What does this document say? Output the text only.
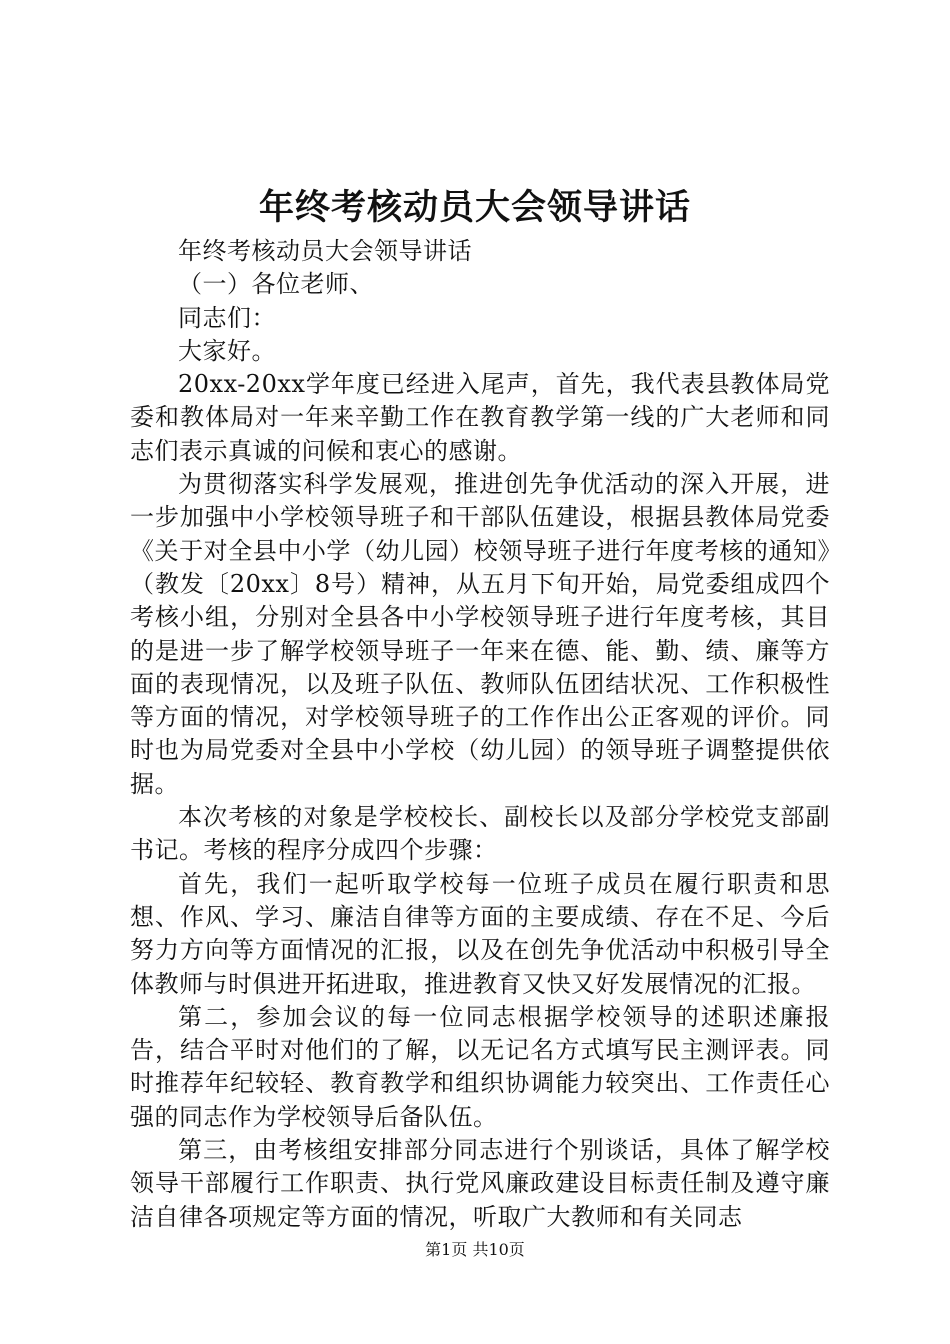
年终考核动员大会领导讲话

年终考核动员大会领导讲话

（一）各位老师、

同志们：

大家好。

20xx-20xx学年度已经进入尾声，首先，我代表县教体局党委和教体局对一年来辛勤工作在教育教学第一线的广大老师和同志们表示真诚的问候和衷心的感谢。

为贯彻落实科学发展观，推进创先争优活动的深入开展，进一步加强中小学校领导班子和干部队伍建设，根据县教体局党委《关于对全县中小学（幼儿园）校领导班子进行年度考核的通知》（教发〔20xx〕8号）精神，从五月下旬开始，局党委组成四个考核小组，分别对全县各中小学校领导班子进行年度考核，其目的是进一步了解学校领导班子一年来在德、能、勤、绩、廉等方面的表现情况，以及班子队伍、教师队伍团结状况、工作积极性等方面的情况，对学校领导班子的工作作出公正客观的评价。同时也为局党委对全县中小学校（幼儿园）的领导班子调整提供依据。

本次考核的对象是学校校长、副校长以及部分学校党支部副书记。考核的程序分成四个步骤：

首先，我们一起听取学校每一位班子成员在履行职责和思想、作风、学习、廉洁自律等方面的主要成绩、存在不足、今后努力方向等方面情况的汇报，以及在创先争优活动中积极引导全体教师与时俱进开拓进取，推进教育又快又好发展情况的汇报。

第二，参加会议的每一位同志根据学校领导的述职述廉报告，结合平时对他们的了解，以无记名方式填写民主测评表。同时推荐年纪较轻、教育教学和组织协调能力较突出、工作责任心强的同志作为学校领导后备队伍。

第三，由考核组安排部分同志进行个别谈话，具体了解学校领导干部履行工作职责、执行党风廉政建设目标责任制及遵守廉洁自律各项规定等方面的情况，听取广大教师和有关同志

第1页 共10页
